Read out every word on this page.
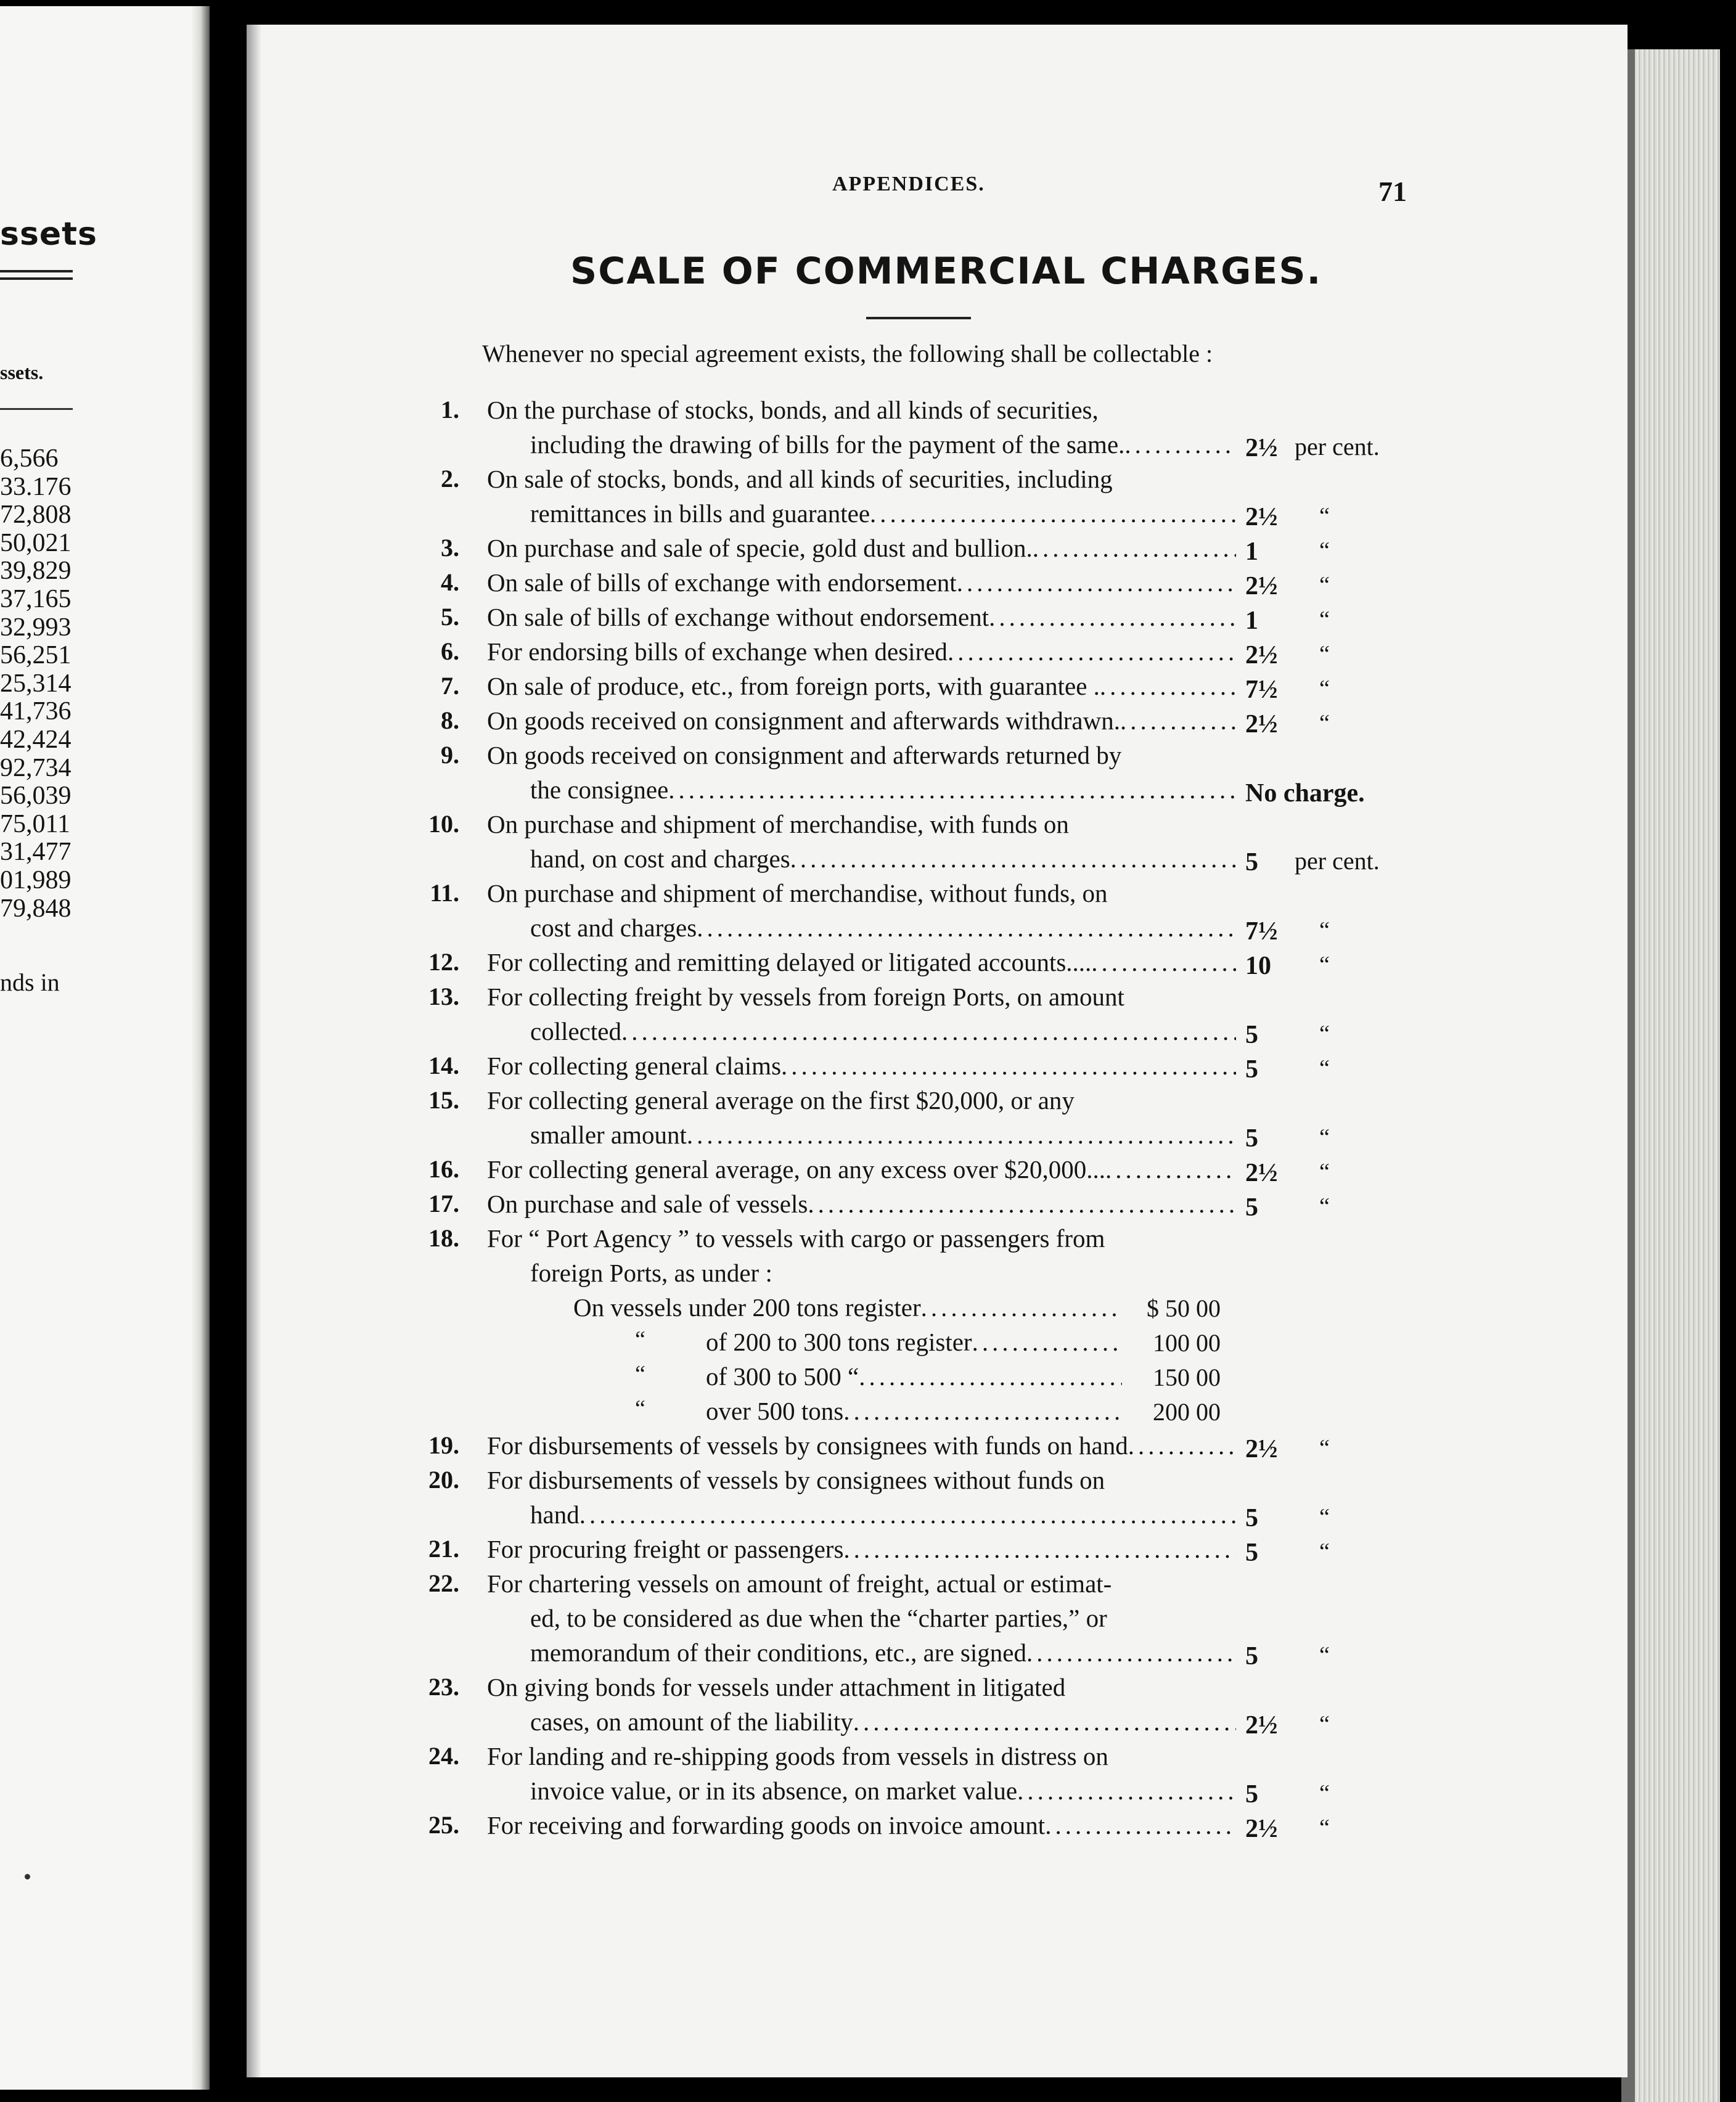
ssets
ssets.
6,566
33.176
72,808
50,021
39,829
37,165
32,993
56,251
25,314
41,736
42,424
92,734
56,039
75,011
31,477
01,989
79,848
nds in
APPENDICES.	71
SCALE OF COMMERCIAL CHARGES.
Whenever no special agreement exists, the following shall be collectable :
1. On the purchase of stocks, bonds, and all kinds of securities,
including the drawing of bills for the payment of the same. .....	2½ per cent.
2. On sale of stocks, bonds, and all kinds of securities, including
remittances in bills and guarantee .....	2½ “
3. On purchase and sale of specie, gold dust and bullion. .....	1	“
4. On sale of bills of exchange with endorsement .....	2½ “
5. On sale of bills of exchange without endorsement .....	1	“
6. For endorsing bills of exchange when desired .....	2½ “
7. On sale of produce, etc., from foreign ports, with guarantee . .....	7½ “
8. On goods received on consignment and afterwards withdrawn. .....	2½ “
9. On goods received on consignment and afterwards returned by
the consignee .....	No charge.
10. On purchase and shipment of merchandise, with funds on
hand, on cost and charges .....	5 per cent.
11. On purchase and shipment of merchandise, without funds, on
cost and charges .....	7½ “
12. For collecting and remitting delayed or litigated accounts.... .....	10 “
13. For collecting freight by vessels from foreign Ports, on amount
collected .....	5	“
14. For collecting general claims .....	5	“
15. For collecting general average on the first $20,000, or any
smaller amount .....	5	“
16. For collecting general average, on any excess over $20,000... .....	2½ “
17. On purchase and sale of vessels .....	5	“
18. For “ Port Agency ” to vessels with cargo or passengers from
foreign Ports, as under :
On vessels under 200 tons register .....	$ 50 00
“ of 200 to 300 tons register .....	100 00
“ of 300 to 500 “ .....	150 00
“ over 500 tons .....	200 00
19. For disbursements of vessels by consignees with funds on hand .....	2½ “
20. For disbursements of vessels by consignees without funds on
hand .....	5	“
21. For procuring freight or passengers .....	5	“
22. For chartering vessels on amount of freight, actual or estimat-
ed, to be considered as due when the “charter parties,” or
memorandum of their conditions, etc., are signed .....	5	“
23. On giving bonds for vessels under attachment in litigated
cases, on amount of the liability .....	2½ “
24. For landing and re-shipping goods from vessels in distress on
invoice value, or in its absence, on market value .....	5	“
25. For receiving and forwarding goods on invoice amount .....	2½ “
